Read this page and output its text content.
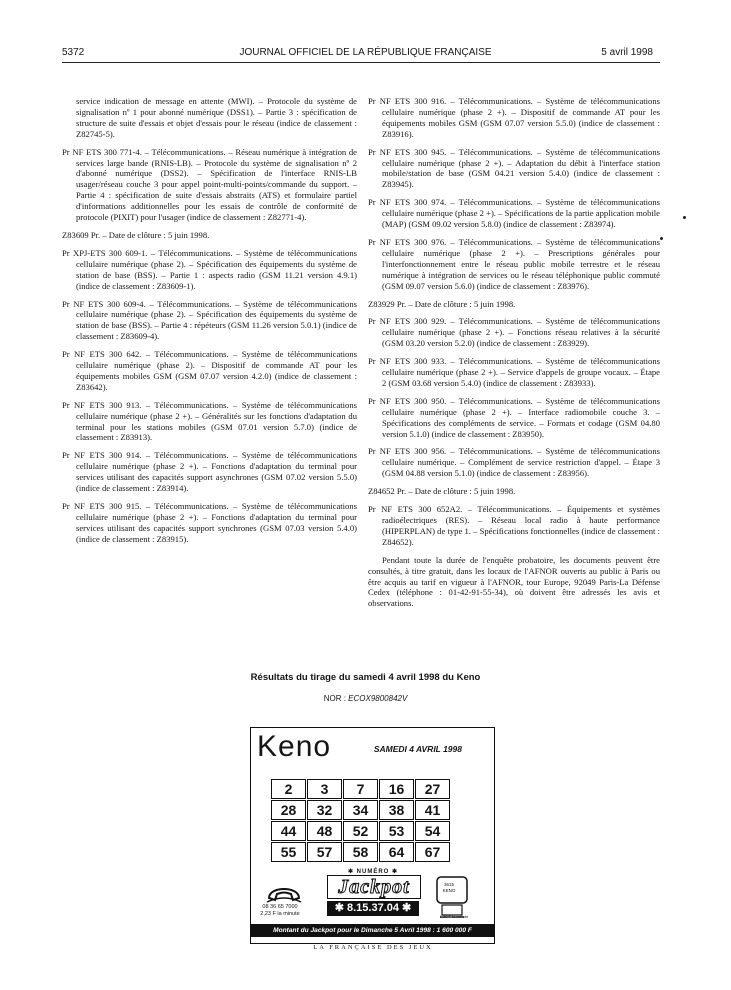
5372	JOURNAL OFFICIEL DE LA RÉPUBLIQUE FRANÇAISE	5 avril 1998

service indication de message en attente (MWI). – Protocole du système de signalisation nº 1 pour abonné numérique (DSS1). – Partie 3 : spécification de structure de suite d'essais et objet d'essais pour le réseau (indice de classement : Z82745-5).

Pr NF ETS 300 771-4. – Télécommunications. – Réseau numérique à intégration de services large bande (RNIS-LB). – Protocole du système de signalisation nº 2 d'abonné numérique (DSS2). – Spécification de l'interface RNIS-LB usager/réseau couche 3 pour appel point-multi-points/commande du support. – Partie 4 : spécification de suite d'essais abstraits (ATS) et formulaire partiel d'informations additionnelles pour les essais de contrôle de conformité de protocole (PIXIT) pour l'usager (indice de classement : Z82771-4).

Z83609 Pr. – Date de clôture : 5 juin 1998.

Pr XPJ-ETS 300 609-1. – Télécommunications. – Système de télécommunications cellulaire numérique (phase 2). – Spécification des équipements du système de station de base (BSS). – Partie 1 : aspects radio (GSM 11.21 version 4.9.1) (indice de classement : Z83609-1).

Pr NF ETS 300 609-4. – Télécommunications. – Système de télécommunications cellulaire numérique (phase 2). – Spécification des équipements du système de station de base (BSS). – Partie 4 : répéteurs (GSM 11.26 version 5.0.1) (indice de classement : Z83609-4).

Pr NF ETS 300 642. – Télécommunications. – Système de télécommunications cellulaire numérique (phase 2). – Dispositif de commande AT pour les équipements mobiles GSM (GSM 07.07 version 4.2.0) (indice de classement : Z83642).

Pr NF ETS 300 913. – Télécommunications. – Système de télécommunications cellulaire numérique (phase 2 +). – Généralités sur les fonctions d'adaptation du terminal pour les stations mobiles (GSM 07.01 version 5.7.0) (indice de classement : Z83913).

Pr NF ETS 300 914. – Télécommunications. – Système de télécommunications cellulaire numérique (phase 2 +). – Fonctions d'adaptation du terminal pour services utilisant des capacités support asynchrones (GSM 07.02 version 5.5.0) (indice de classement : Z83914).

Pr NF ETS 300 915. – Télécommunications. – Système de télécommunications cellulaire numérique (phase 2 +). – Fonctions d'adaptation du terminal pour services utilisant des capacités support synchrones (GSM 07.03 version 5.4.0) (indice de classement : Z83915).

Pr NF ETS 300 916. – Télécommunications. – Système de télécommunications cellulaire numérique (phase 2 +). – Dispositif de commande AT pour les équipements mobiles GSM (GSM 07.07 version 5.5.0) (indice de classement : Z83916).

Pr NF ETS 300 945. – Télécommunications. – Système de télécommunications cellulaire numérique (phase 2 +). – Adaptation du débit à l'interface station mobile/station de base (GSM 04.21 version 5.4.0) (indice de classement : Z83945).

Pr NF ETS 300 974. – Télécommunications. – Système de télécommunications cellulaire numérique (phase 2 +). – Spécifications de la partie application mobile (MAP) (GSM 09.02 version 5.8.0) (indice de classement : Z83974).

Pr NF ETS 300 976. – Télécommunications. – Système de télécommunications cellulaire numérique (phase 2 +). – Prescriptions générales pour l'interfonctionnement entre le réseau public mobile terrestre et le réseau numérique à intégration de services ou le réseau téléphonique public commuté (GSM 09.07 version 5.6.0) (indice de classement : Z83976).

Z83929 Pr. – Date de clôture : 5 juin 1998.

Pr NF ETS 300 929. – Télécommunications. – Système de télécommunications cellulaire numérique (phase 2 +). – Fonctions réseau relatives à la sécurité (GSM 03.20 version 5.2.0) (indice de classement : Z83929).

Pr NF ETS 300 933. – Télécommunications. – Système de télécommunications cellulaire numérique (phase 2 +). – Service d'appels de groupe vocaux. – Étape 2 (GSM 03.68 version 5.4.0) (indice de classement : Z83933).

Pr NF ETS 300 950. – Télécommunications. – Système de télécommunications cellulaire numérique (phase 2 +). – Interface radiomobile couche 3. – Spécifications des compléments de service. – Formats et codage (GSM 04.80 version 5.1.0) (indice de classement : Z83950).

Pr NF ETS 300 956. – Télécommunications. – Système de télécommunications cellulaire numérique. – Complément de service restriction d'appel. – Étape 3 (GSM 04.88 version 5.1.0) (indice de classement : Z83956).

Z84652 Pr. – Date de clôture : 5 juin 1998.

Pr NF ETS 300 652A2. – Télécommunications. – Équipements et systèmes radioélectriques (RES). – Réseau local radio à haute performance (HIPERPLAN) de type 1. – Spécifications fonctionnelles (indice de classement : Z84652).

Pendant toute la durée de l'enquête probatoire, les documents peuvent être consultés, à titre gratuit, dans les locaux de l'AFNOR ouverts au public à Paris ou être acquis au tarif en vigueur à l'AFNOR, tour Europe, 92049 Paris-La Défense Cedex (téléphone : 01-42-91-55-34), où doivent être adressés les avis et observations.

Résultats du tirage du samedi 4 avril 1998 du Keno
NOR : ECOX9800842V
Keno	SAMEDI 4 AVRIL 1998
2	3	7	16	27
28	32	34	38	41
44	48	52	53	54
55	57	58	64	67
08 36 65 7000
2,23 F la minute
✱ NUMÉRO ✱
Jackpot
✱ 8.15.37.04 ✱
3615 KENO
1,29 F la minute
Montant du Jackpot pour le Dimanche 5 Avril 1998 : 1 600 000 F
LA FRANÇAISE DES JEUX
